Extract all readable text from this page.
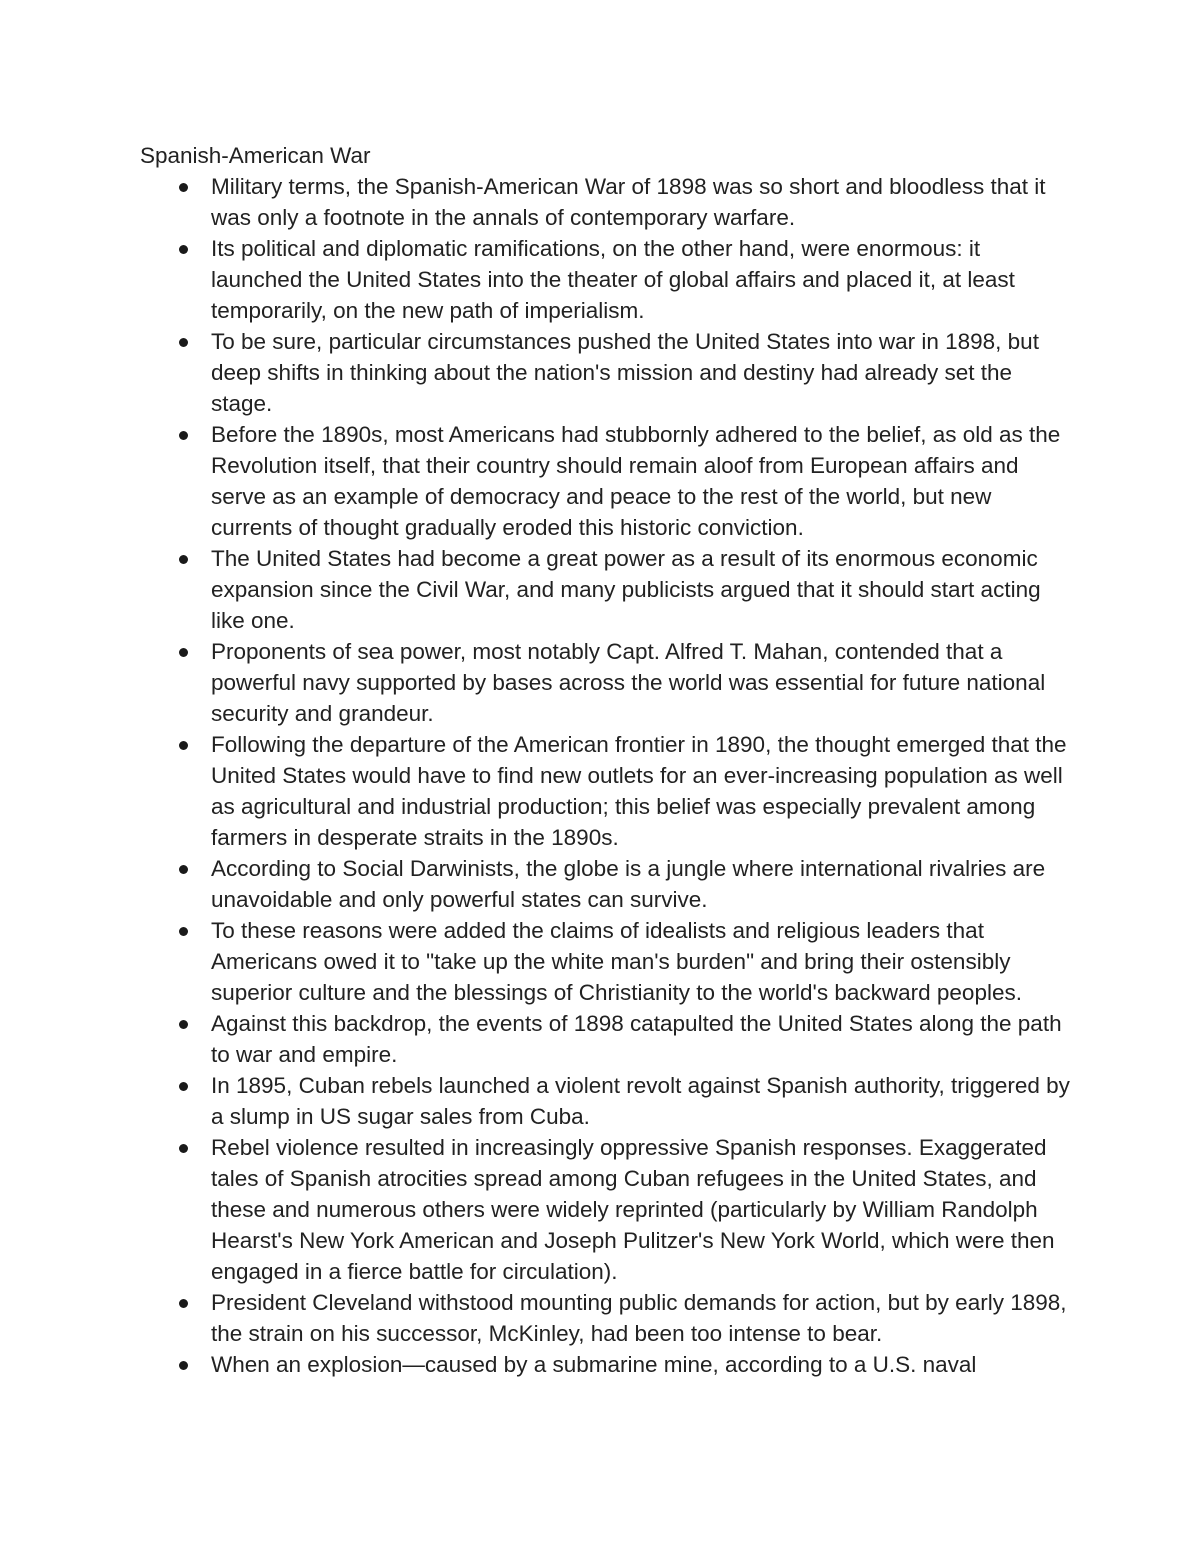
Spanish-American War
Military terms, the Spanish-American War of 1898 was so short and bloodless that it was only a footnote in the annals of contemporary warfare.
Its political and diplomatic ramifications, on the other hand, were enormous: it launched the United States into the theater of global affairs and placed it, at least temporarily, on the new path of imperialism.
To be sure, particular circumstances pushed the United States into war in 1898, but deep shifts in thinking about the nation's mission and destiny had already set the stage.
Before the 1890s, most Americans had stubbornly adhered to the belief, as old as the Revolution itself, that their country should remain aloof from European affairs and serve as an example of democracy and peace to the rest of the world, but new currents of thought gradually eroded this historic conviction.
The United States had become a great power as a result of its enormous economic expansion since the Civil War, and many publicists argued that it should start acting like one.
Proponents of sea power, most notably Capt. Alfred T. Mahan, contended that a powerful navy supported by bases across the world was essential for future national security and grandeur.
Following the departure of the American frontier in 1890, the thought emerged that the United States would have to find new outlets for an ever-increasing population as well as agricultural and industrial production; this belief was especially prevalent among farmers in desperate straits in the 1890s.
According to Social Darwinists, the globe is a jungle where international rivalries are unavoidable and only powerful states can survive.
To these reasons were added the claims of idealists and religious leaders that Americans owed it to "take up the white man's burden" and bring their ostensibly superior culture and the blessings of Christianity to the world's backward peoples.
Against this backdrop, the events of 1898 catapulted the United States along the path to war and empire.
In 1895, Cuban rebels launched a violent revolt against Spanish authority, triggered by a slump in US sugar sales from Cuba.
Rebel violence resulted in increasingly oppressive Spanish responses. Exaggerated tales of Spanish atrocities spread among Cuban refugees in the United States, and these and numerous others were widely reprinted (particularly by William Randolph Hearst's New York American and Joseph Pulitzer's New York World, which were then engaged in a fierce battle for circulation).
President Cleveland withstood mounting public demands for action, but by early 1898, the strain on his successor, McKinley, had been too intense to bear.
When an explosion—caused by a submarine mine, according to a U.S. naval
